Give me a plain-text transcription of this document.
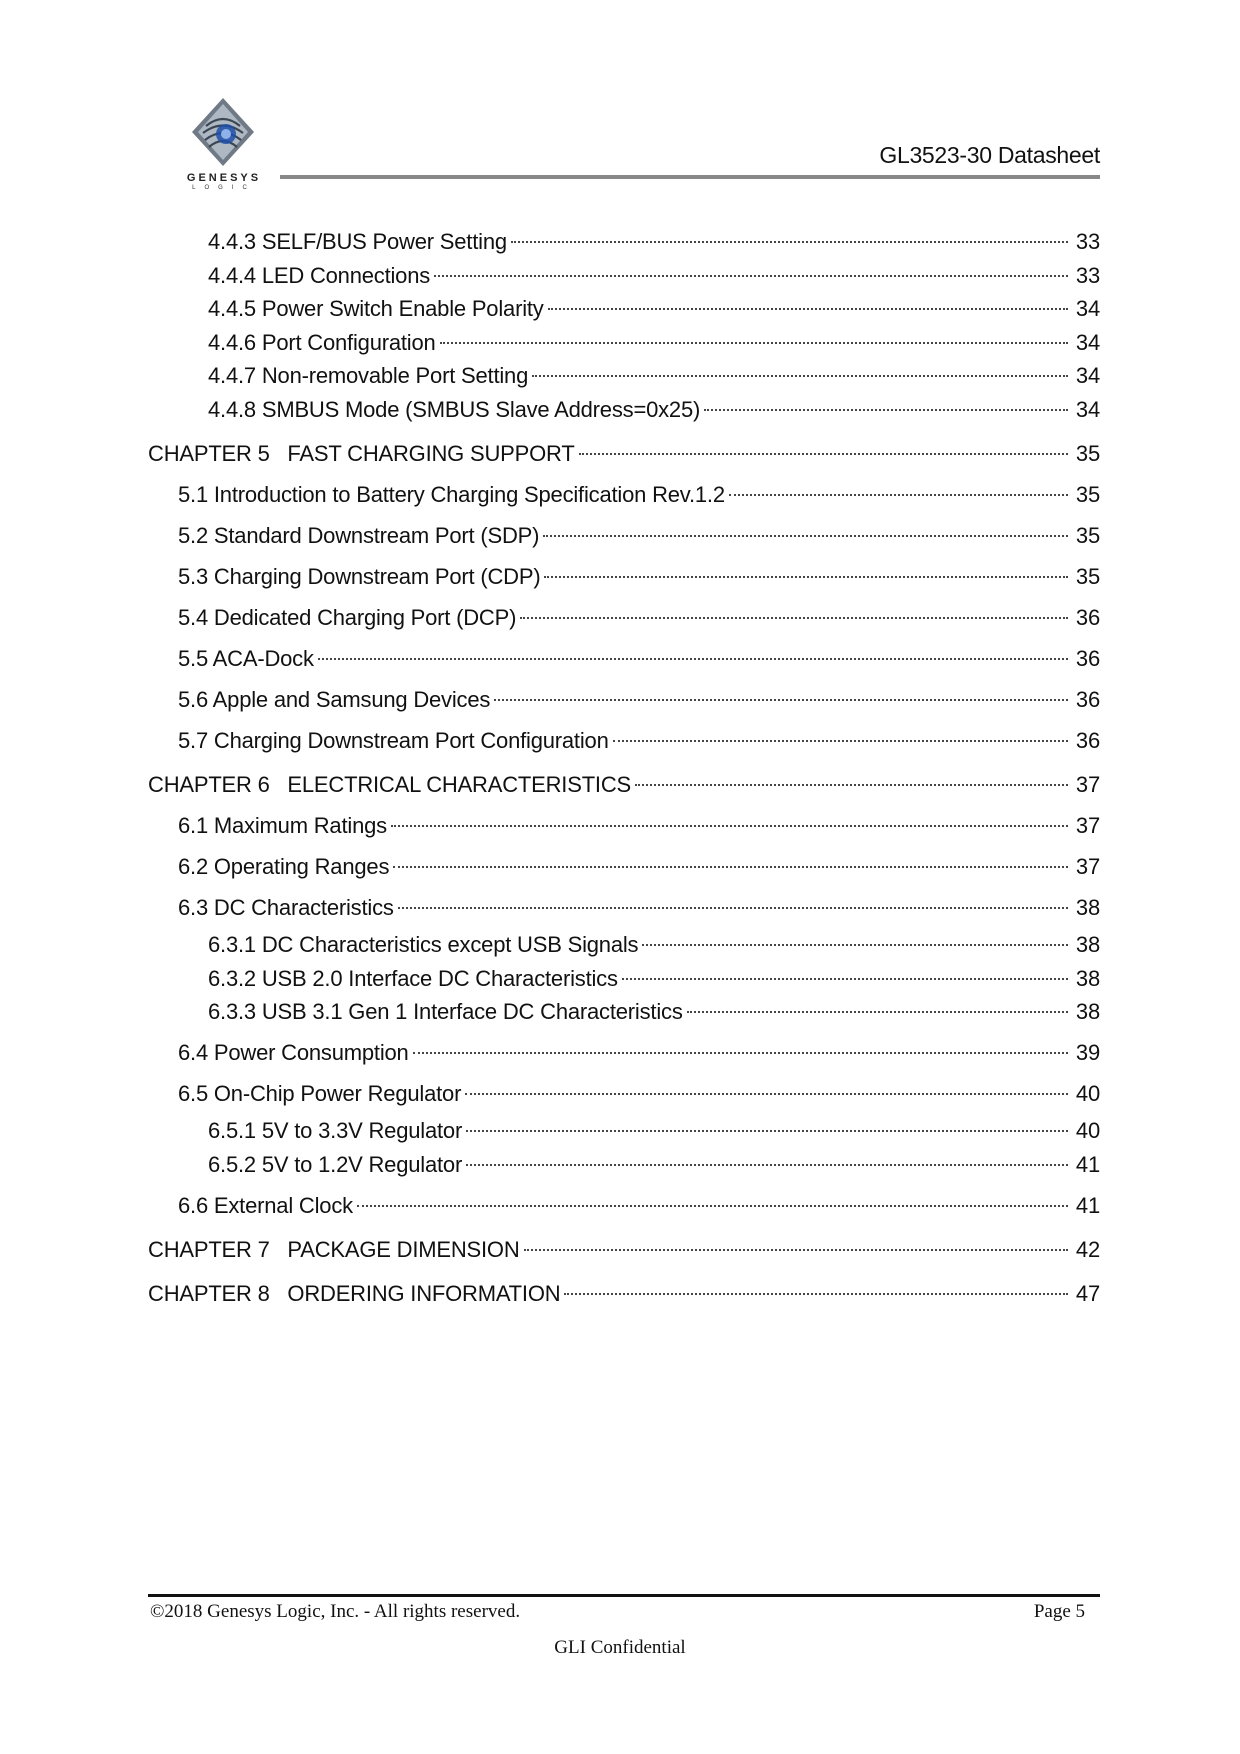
GENESYS
LOGIC
GL3523-30 Datasheet
4.4.3 SELF/BUS Power Setting	33
4.4.4 LED Connections	33
4.4.5 Power Switch Enable Polarity	34
4.4.6 Port Configuration	34
4.4.7 Non-removable Port Setting	34
4.4.8 SMBUS Mode (SMBUS Slave Address=0x25)	34
CHAPTER 5   FAST CHARGING SUPPORT	35
5.1 Introduction to Battery Charging Specification Rev.1.2	35
5.2 Standard Downstream Port (SDP)	35
5.3 Charging Downstream Port (CDP)	35
5.4 Dedicated Charging Port (DCP)	36
5.5 ACA-Dock	36
5.6 Apple and Samsung Devices	36
5.7 Charging Downstream Port Configuration	36
CHAPTER 6   ELECTRICAL CHARACTERISTICS	37
6.1 Maximum Ratings	37
6.2 Operating Ranges	37
6.3 DC Characteristics	38
6.3.1 DC Characteristics except USB Signals	38
6.3.2 USB 2.0 Interface DC Characteristics	38
6.3.3 USB 3.1 Gen 1 Interface DC Characteristics	38
6.4 Power Consumption	39
6.5 On-Chip Power Regulator	40
6.5.1 5V to 3.3V Regulator	40
6.5.2 5V to 1.2V Regulator	41
6.6 External Clock	41
CHAPTER 7   PACKAGE DIMENSION	42
CHAPTER 8   ORDERING INFORMATION	47
©2018 Genesys Logic, Inc. - All rights reserved.	Page 5
GLI Confidential
